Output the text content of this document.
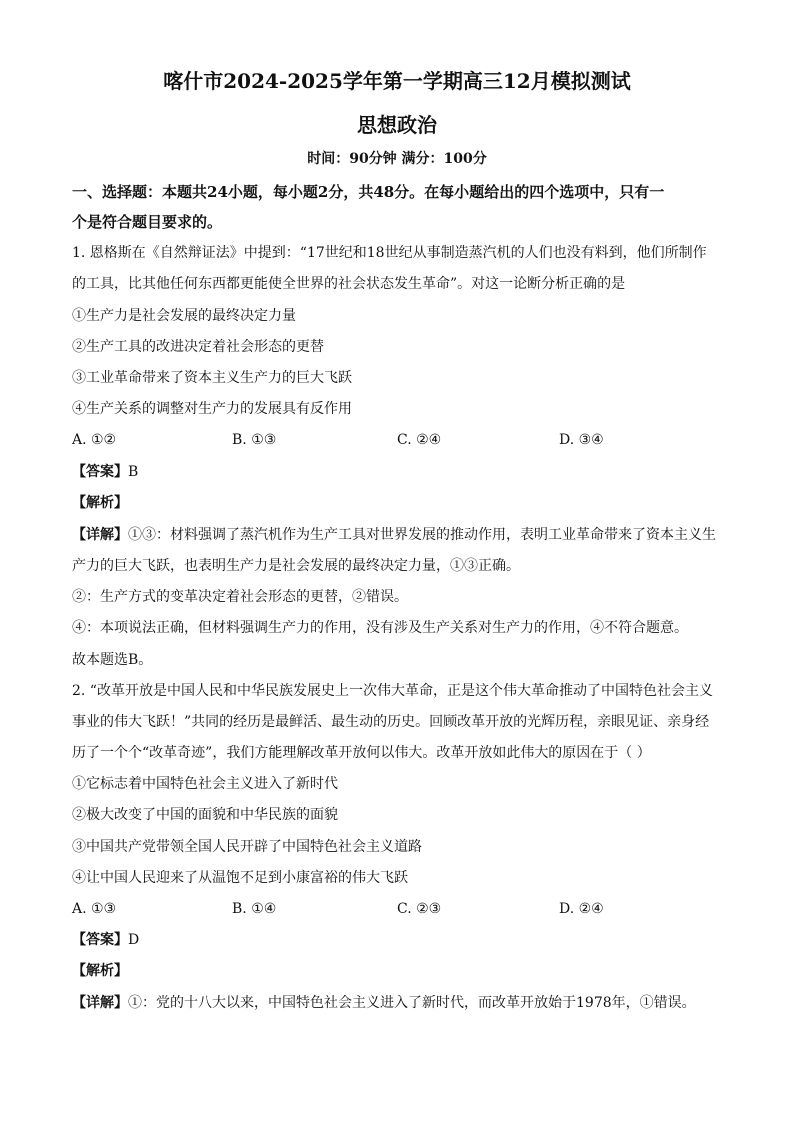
喀什市2024-2025学年第一学期高三12月模拟测试
思想政治
时间：90分钟 满分：100分
一、选择题：本题共24小题，每小题2分，共48分。在每小题给出的四个选项中，只有一
个是符合题目要求的。
1. 恩格斯在《自然辩证法》中提到：“17世纪和18世纪从事制造蒸汽机的人们也没有料到，他们所制作
的工具，比其他任何东西都更能使全世界的社会状态发生革命”。对这一论断分析正确的是
①生产力是社会发展的最终决定力量
②生产工具的改进决定着社会形态的更替
③工业革命带来了资本主义生产力的巨大飞跃
④生产关系的调整对生产力的发展具有反作用
A. ①②	B. ①③	C. ②④	D. ③④
【答案】B
【解析】
【详解】①③：材料强调了蒸汽机作为生产工具对世界发展的推动作用，表明工业革命带来了资本主义生
产力的巨大飞跃，也表明生产力是社会发展的最终决定力量，①③正确。
②：生产方式的变革决定着社会形态的更替，②错误。
④：本项说法正确，但材料强调生产力的作用，没有涉及生产关系对生产力的作用，④不符合题意。
故本题选B。
2. “改革开放是中国人民和中华民族发展史上一次伟大革命，正是这个伟大革命推动了中国特色社会主义
事业的伟大飞跃！”共同的经历是最鲜活、最生动的历史。回顾改革开放的光辉历程，亲眼见证、亲身经
历了一个个“改革奇迹”，我们方能理解改革开放何以伟大。改革开放如此伟大的原因在于（ ）
①它标志着中国特色社会主义进入了新时代
②极大改变了中国的面貌和中华民族的面貌
③中国共产党带领全国人民开辟了中国特色社会主义道路
④让中国人民迎来了从温饱不足到小康富裕的伟大飞跃
A. ①③	B. ①④	C. ②③	D. ②④
【答案】D
【解析】
【详解】①：党的十八大以来，中国特色社会主义进入了新时代，而改革开放始于1978年，①错误。
